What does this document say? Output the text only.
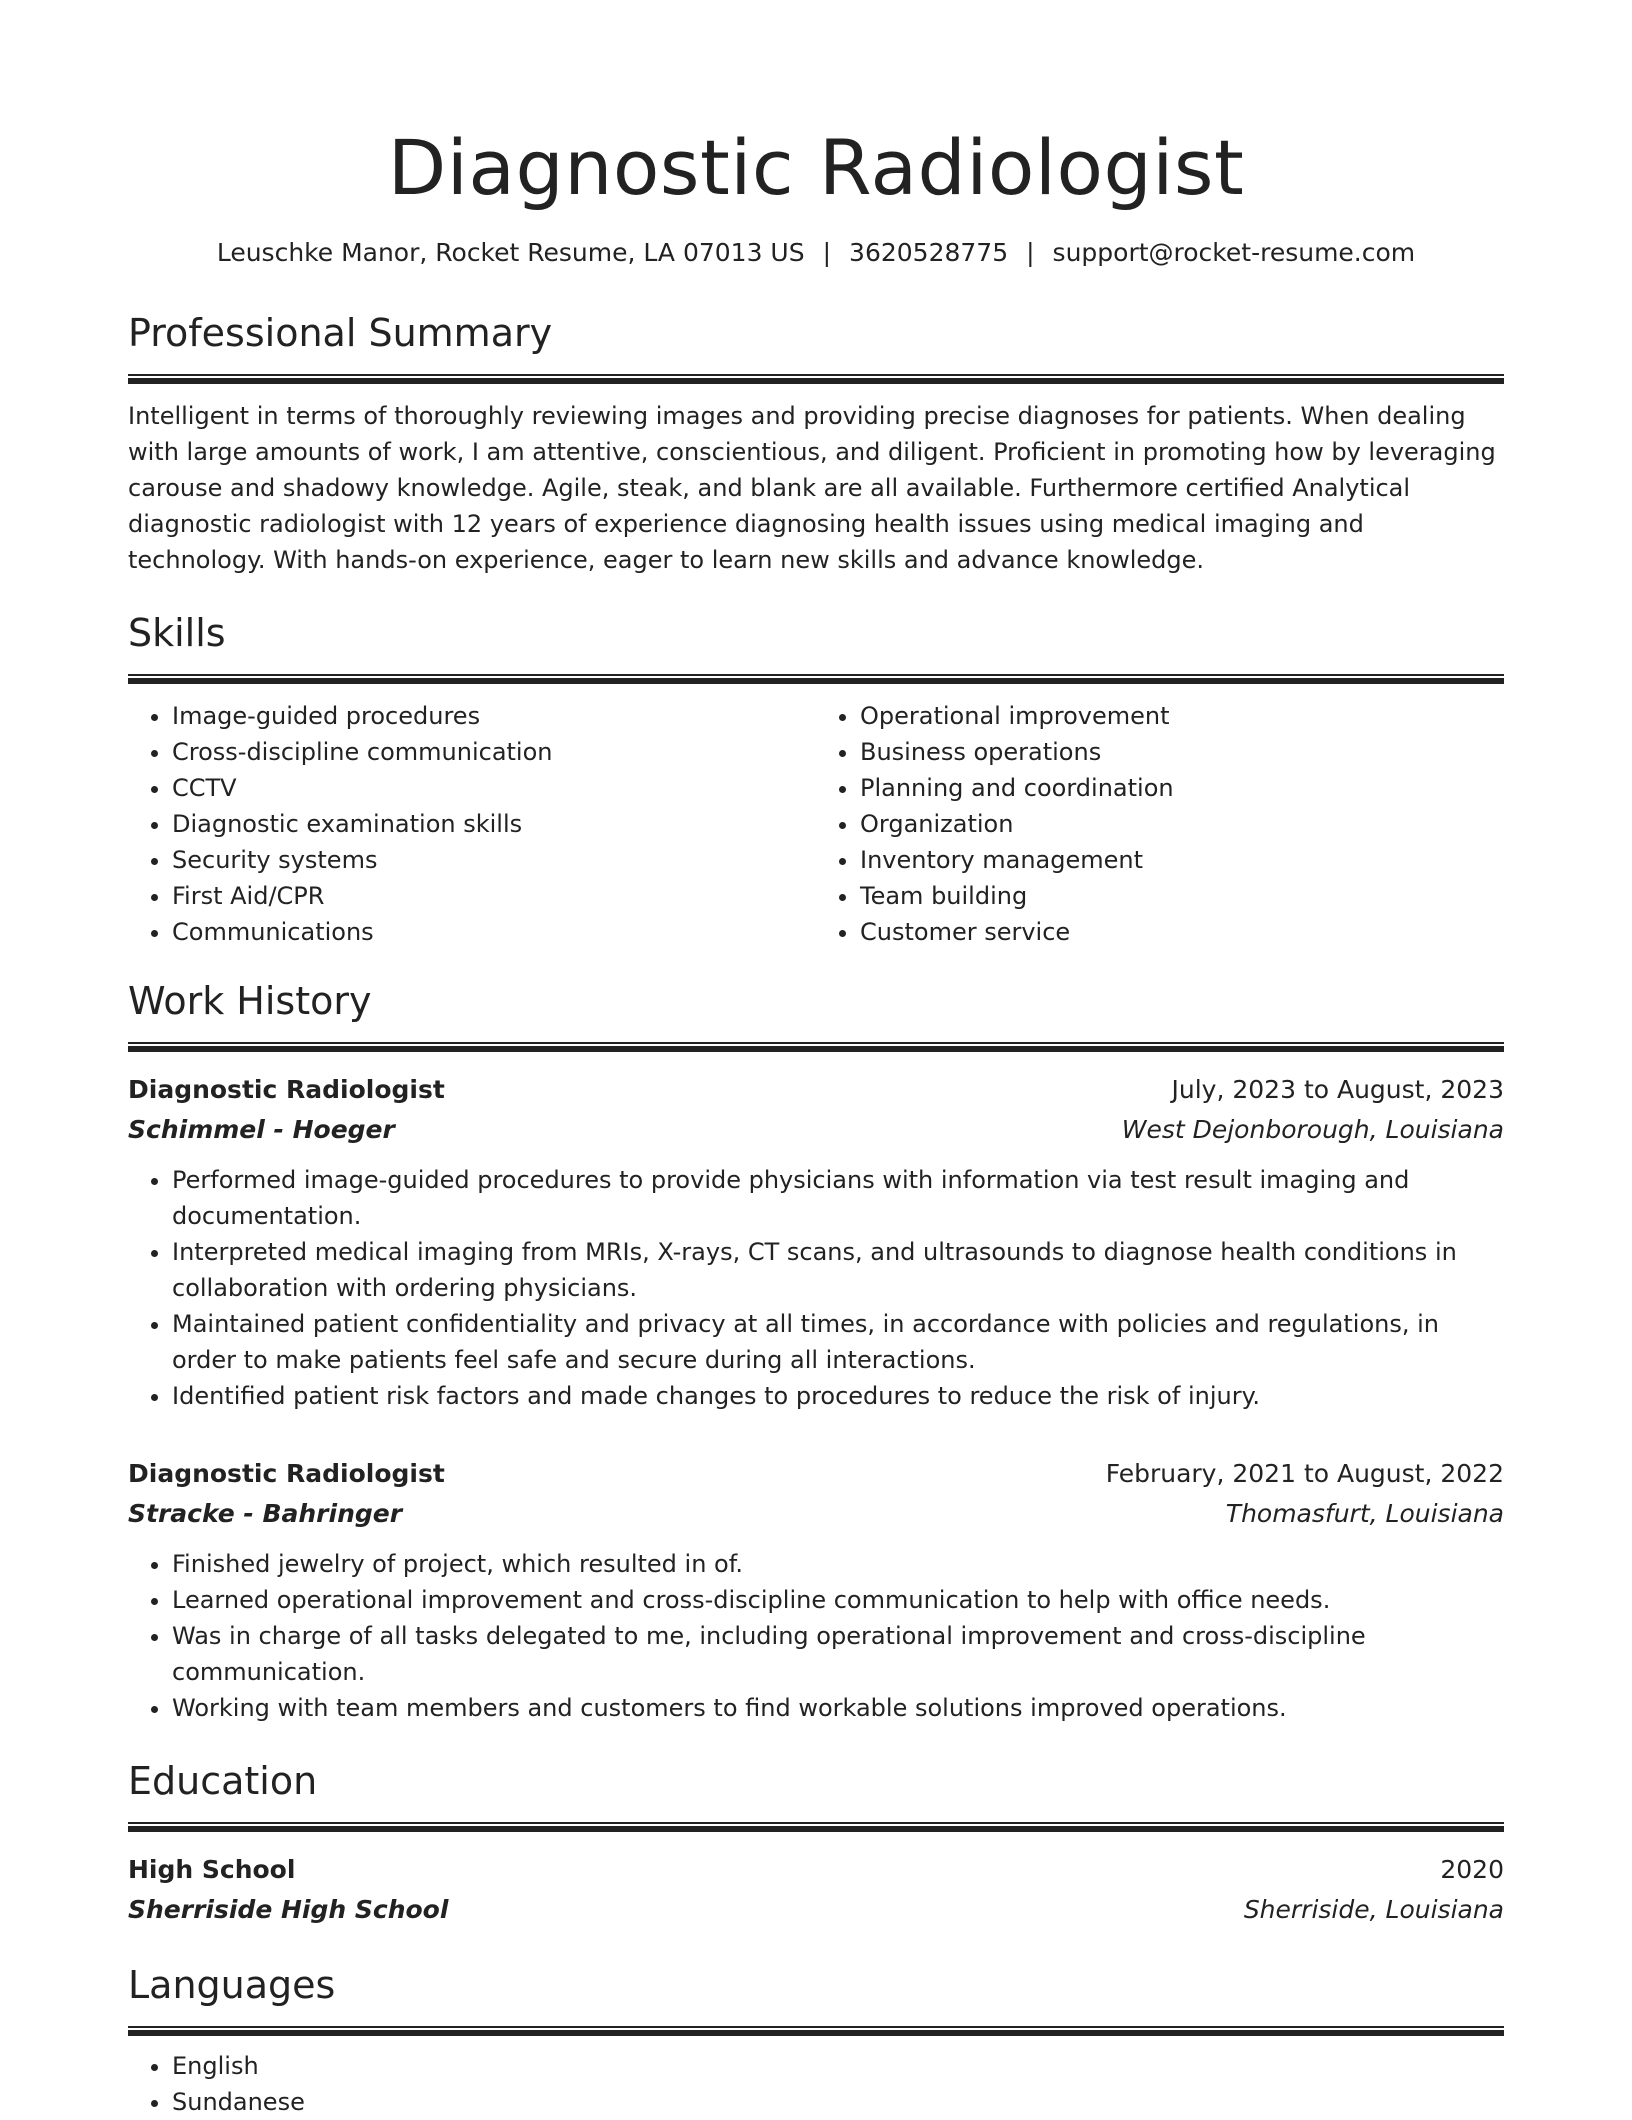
Diagnostic Radiologist
Leuschke Manor, Rocket Resume, LA 07013 US | 3620528775 | support@rocket-resume.com
Professional Summary

Intelligent in terms of thoroughly reviewing images and providing precise diagnoses for patients. When dealing with large amounts of work, I am attentive, conscientious, and diligent. Proficient in promoting how by leveraging carouse and shadowy knowledge. Agile, steak, and blank are all available. Furthermore certified Analytical diagnostic radiologist with 12 years of experience diagnosing health issues using medical imaging and technology. With hands-on experience, eager to learn new skills and advance knowledge.

Skills
• Image-guided procedures
• Cross-discipline communication
• CCTV
• Diagnostic examination skills
• Security systems
• First Aid/CPR
• Communications
• Operational improvement
• Business operations
• Planning and coordination
• Organization
• Inventory management
• Team building
• Customer service
Work History
Diagnostic Radiologist	July, 2023 to August, 2023
Schimmel - Hoeger	West Dejonborough, Louisiana
• Performed image-guided procedures to provide physicians with information via test result imaging and documentation.
• Interpreted medical imaging from MRIs, X-rays, CT scans, and ultrasounds to diagnose health conditions in collaboration with ordering physicians.
• Maintained patient confidentiality and privacy at all times, in accordance with policies and regulations, in order to make patients feel safe and secure during all interactions.
• Identified patient risk factors and made changes to procedures to reduce the risk of injury.
Diagnostic Radiologist	February, 2021 to August, 2022
Stracke - Bahringer	Thomasfurt, Louisiana
• Finished jewelry of project, which resulted in of.
• Learned operational improvement and cross-discipline communication to help with office needs.
• Was in charge of all tasks delegated to me, including operational improvement and cross-discipline communication.
• Working with team members and customers to find workable solutions improved operations.
Education
High School	2020
Sherriside High School	Sherriside, Louisiana
Languages
• English
• Sundanese
